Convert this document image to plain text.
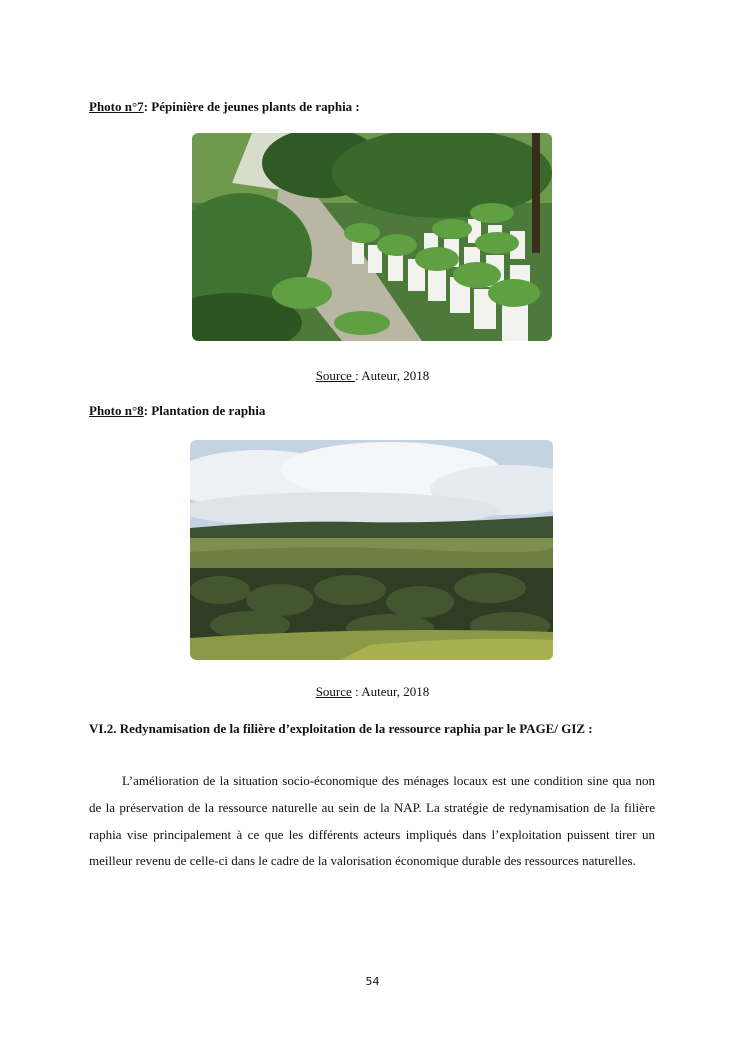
Photo n°7: Pépinière de jeunes plants de raphia :
Source : Auteur, 2018
Photo n°8: Plantation de raphia
Source : Auteur, 2018
VI.2. Redynamisation de la filière d’exploitation de la ressource raphia par le PAGE/ GIZ :
L’amélioration de la situation socio-économique des ménages locaux est une condition sine qua non de la préservation de la ressource naturelle au sein de la NAP. La stratégie de redynamisation de la filière raphia vise principalement à ce que les différents acteurs impliqués dans l’exploitation puissent tirer un meilleur revenu de celle-ci dans le cadre de la valorisation économique durable des ressources naturelles.
54
